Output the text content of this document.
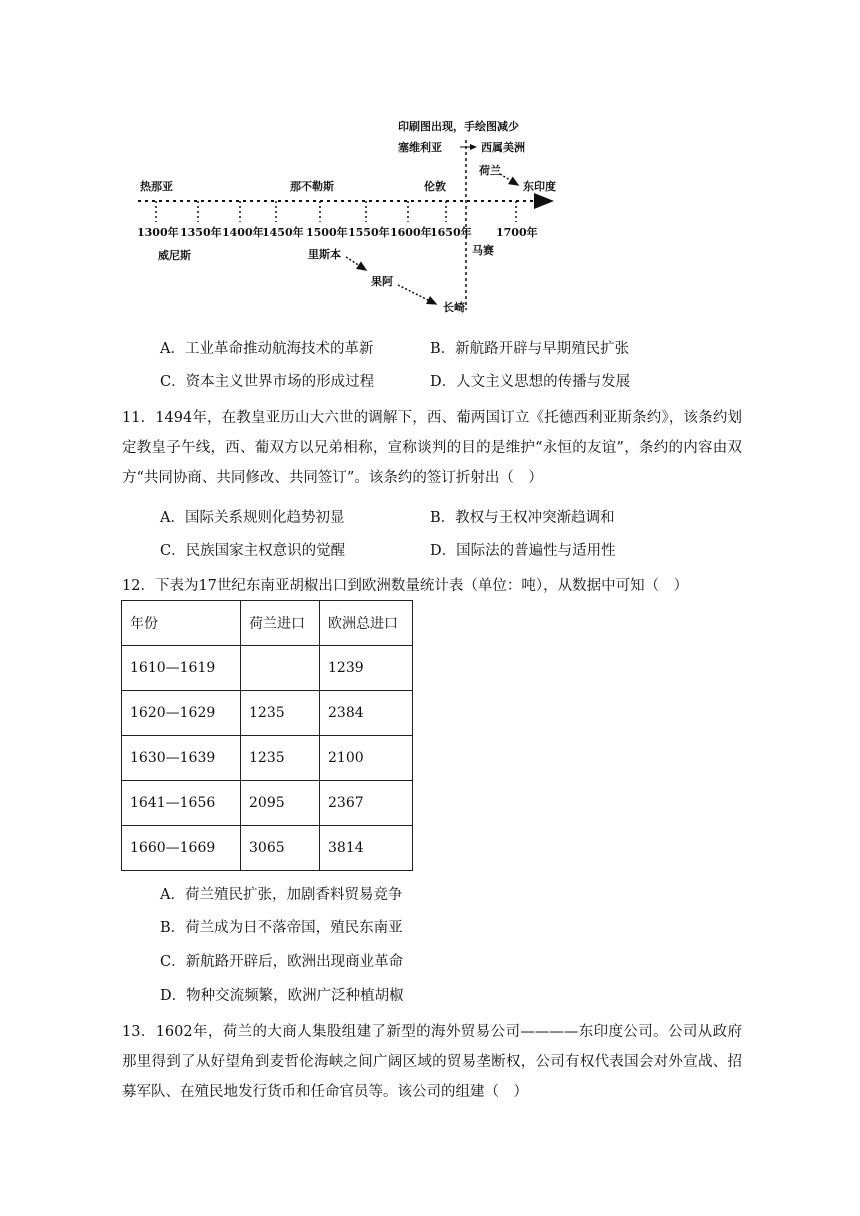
印刷图出现，手绘图减少
塞维利亚	西属美洲
荷兰
东印度
热那亚	那不勒斯	伦敦
1300年 1350年 1400年
1450年 1500年 1550年 1600年
1650年 1700年
威尼斯	马赛
里斯本
果阿
长崎
A．工业革命推动航海技术的革新	B．新航路开辟与早期殖民扩张
C．资本主义世界市场的形成过程	D．人文主义思想的传播与发展
11．1494年，在教皇亚历山大六世的调解下，西、葡两国订立《托德西利亚斯条约》，该条约划定教皇子午线，西、葡双方以兄弟相称，宣称谈判的目的是维护“永恒的友谊”，条约的内容由双方“共同协商、共同修改、共同签订”。该条约的签订折射出（　）
A．国际关系规则化趋势初显	B．教权与王权冲突渐趋调和
C．民族国家主权意识的觉醒	D．国际法的普遍性与适用性
12．下表为17世纪东南亚胡椒出口到欧洲数量统计表（单位：吨），从数据中可知（　）
年份	荷兰进口	欧洲总进口
1610—1619		1239
1620—1629	1235	2384
1630—1639	1235	2100
1641—1656	2095	2367
1660—1669	3065	3814
A．荷兰殖民扩张，加剧香料贸易竞争
B．荷兰成为日不落帝国，殖民东南亚
C．新航路开辟后，欧洲出现商业革命
D．物种交流频繁，欧洲广泛种植胡椒
13．1602年，荷兰的大商人集股组建了新型的海外贸易公司————东印度公司。公司从政府那里得到了从好望角到麦哲伦海峡之间广阔区域的贸易垄断权，公司有权代表国会对外宣战、招募军队、在殖民地发行货币和任命官员等。该公司的组建（　）
